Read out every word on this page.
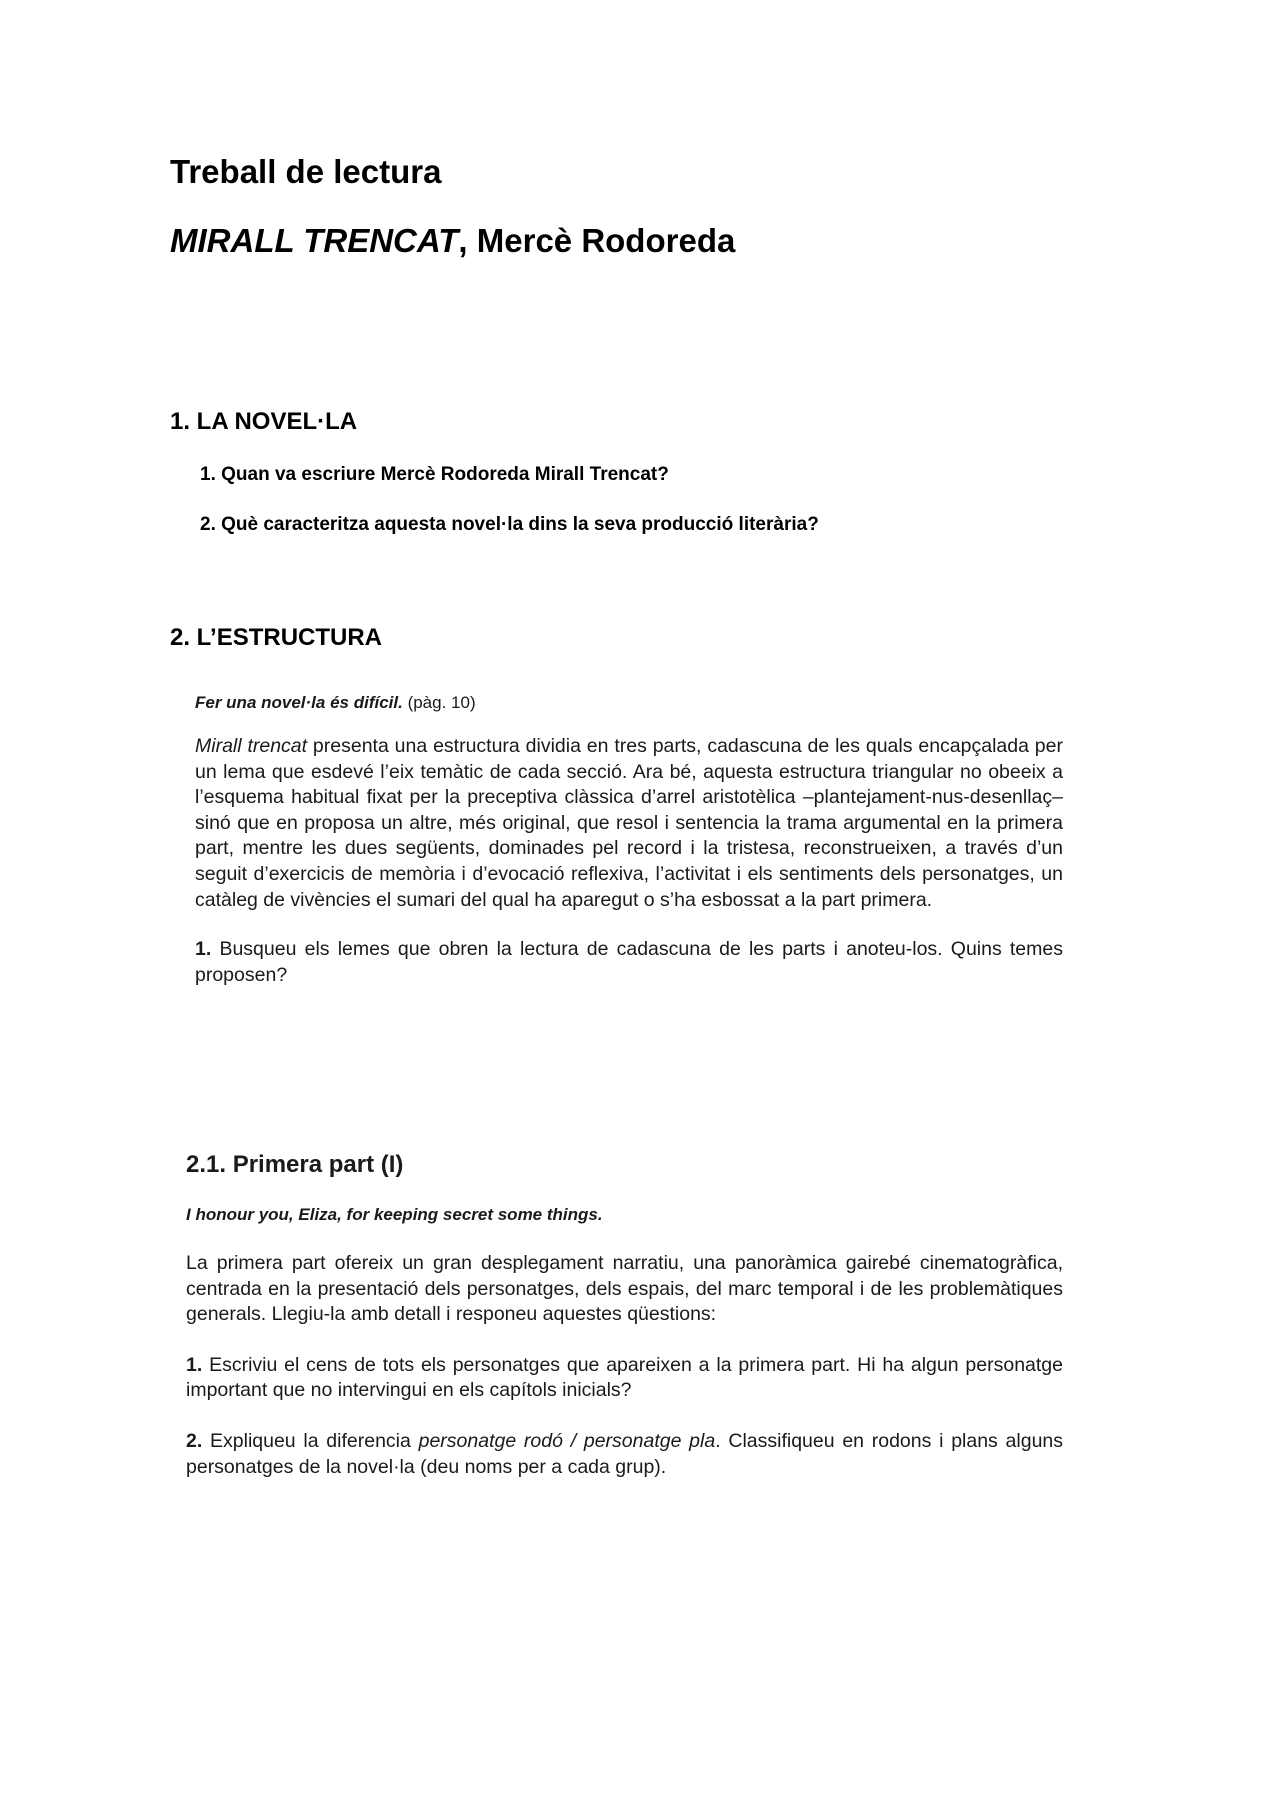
Treball de lectura
MIRALL TRENCAT, Mercè Rodoreda
1. LA NOVEL·LA

1. Quan va escriure Mercè Rodoreda Mirall Trencat?

2. Què caracteritza aquesta novel·la dins la seva producció literària?

2. L’ESTRUCTURA

Fer una novel·la és difícil. (pàg. 10)

Mirall trencat presenta una estructura dividia en tres parts, cadascuna de les quals encapçalada per un lema que esdevé l’eix temàtic de cada secció. Ara bé, aquesta estructura triangular no obeeix a l’esquema habitual fixat per la preceptiva clàssica d’arrel aristotèlica –plantejament-nus-desenllaç– sinó que en proposa un altre, més original, que resol i sentencia la trama argumental en la primera part, mentre les dues següents, dominades pel record i la tristesa, reconstrueixen, a través d’un seguit d’exercicis de memòria i d’evocació reflexiva, l’activitat i els sentiments dels personatges, un catàleg de vivències el sumari del qual ha aparegut o s’ha esbossat a la part primera.

1. Busqueu els lemes que obren la lectura de cadascuna de les parts i anoteu-los. Quins temes proposen?

2.1. Primera part (I)

I honour you, Eliza, for keeping secret some things.

La primera part ofereix un gran desplegament narratiu, una panoràmica gairebé cinematogràfica, centrada en la presentació dels personatges, dels espais, del marc temporal i de les problemàtiques generals. Llegiu-la amb detall i responeu aquestes qüestions:

1. Escriviu el cens de tots els personatges que apareixen a la primera part. Hi ha algun personatge important que no intervingui en els capítols inicials?

2. Expliqueu la diferencia personatge rodó / personatge pla. Classifiqueu en rodons i plans alguns personatges de la novel·la (deu noms per a cada grup).
